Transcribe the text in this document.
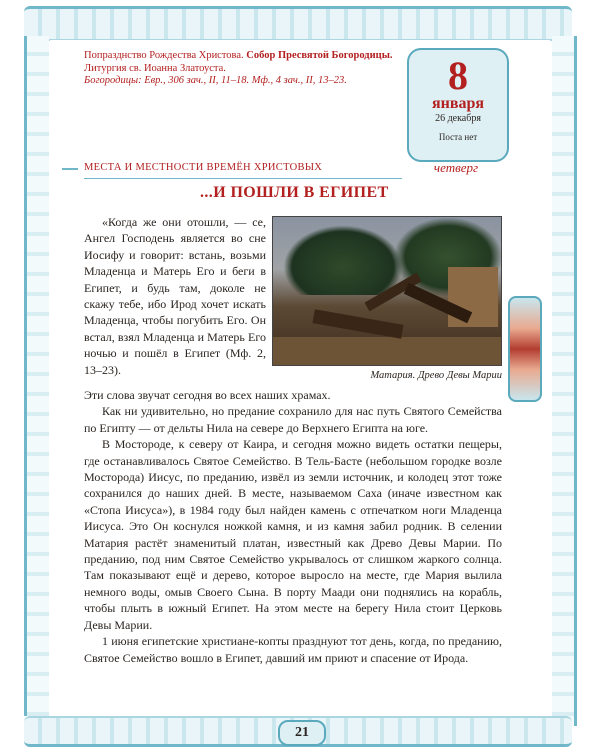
Попразднство Рождества Христова. Собор Пресвятой Богородицы.
Литургия св. Иоанна Златоуста.
Богородицы: Евр., 306 зач., II, 11–18. Мф., 4 зач., II, 13–23.	8
января
26 декабря
Поста нет
четверг
МЕСТА И МЕСТНОСТИ ВРЕМЁН ХРИСТОВЫХ
...И ПОШЛИ В ЕГИПЕТ
Матария. Древо Девы Марии

«Когда же они отошли, — се, Ангел Господень является во сне Иосифу и говорит: встань, возьми Младенца и Матерь Его и беги в Египет, и будь там, доколе не скажу тебе, ибо Ирод хочет искать Младенца, чтобы погубить Его. Он встал, взял Младенца и Матерь Его ночью и пошёл в Египет (Мф. 2, 13–23).

Эти слова звучат сегодня во всех наших храмах.

Как ни удивительно, но предание сохранило для нас путь Святого Семейства по Египту — от дельты Нила на севере до Верхнего Египта на юге.

В Мостороде, к северу от Каира, и сегодня можно видеть остатки пещеры, где останавливалось Святое Семейство. В Тель-Басте (небольшом городке возле Мостородa) Иисус, по преданию, извёл из земли источник, и колодец этот тоже сохранился до наших дней. В месте, называемом Саха (иначе известном как «Стопа Иисуса»), в 1984 году был найден камень с отпечатком ноги Младенца Иисуса. Это Он коснулся ножкой камня, и из камня забил родник. В селении Матария растёт знаменитый платан, известный как Древо Девы Марии. По преданию, под ним Святое Семейство укрывалось от слишком жаркого солнца. Там показывают ещё и дерево, которое выросло на месте, где Мария вылила немного воды, омыв Своего Сына. В порту Маади они поднялись на корабль, чтобы плыть в южный Египет. На этом месте на берегу Нила стоит Церковь Девы Марии.

1 июня египетские христиане-копты празднуют тот день, когда, по преданию, Святое Семейство вошло в Египет, давший им приют и спасение от Ирода.

21
